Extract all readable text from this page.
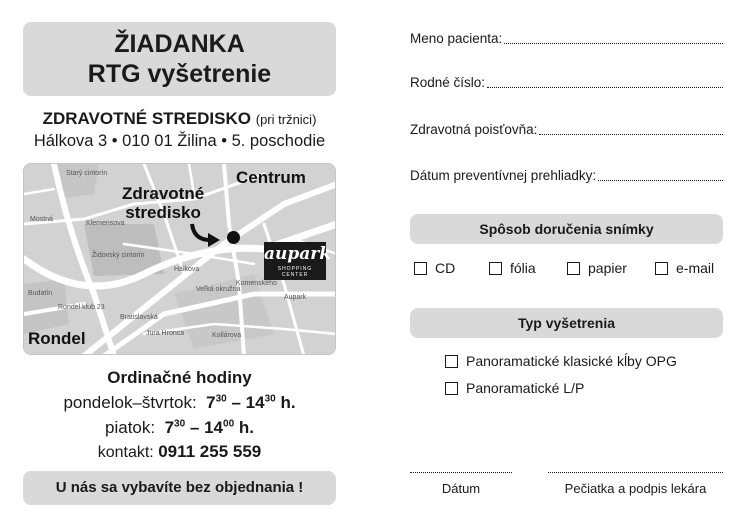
ŽIADANKA
RTG vyšetrenie
ZDRAVOTNÉ STREDISKO (pri tržnici)
Hálkova 3 • 010 01 Žilina • 5. poschodie
Starý cintorín
Klemensova
Židovský cintorín
Hálkova
Veľká okružná
Rondel klub 23
Mostná
Bratislavská
Jura Hronca
Komenského
Aupark
Kollárova
Budatín
Zdravotné
stredisko
Centrum
Rondel
aupark
SHOPPING CENTER
Ordinačné hodiny
pondelok–štvrtok: $7^{30} - 14^{30}$ h.
piatok: $7^{30} - 14^{00}$ h.
kontakt: 0911 255 559
U nás sa vybavíte bez objednania !
Meno pacienta:
Rodné číslo:
Zdravotná poisťovňa:
Dátum preventívnej prehliadky:
Spôsob doručenia snímky
CD	fólia	papier	e-mail
Typ vyšetrenia
Panoramatické klasické kĺby OPG
Panoramatické L/P
Dátum	Pečiatka a podpis lekára
